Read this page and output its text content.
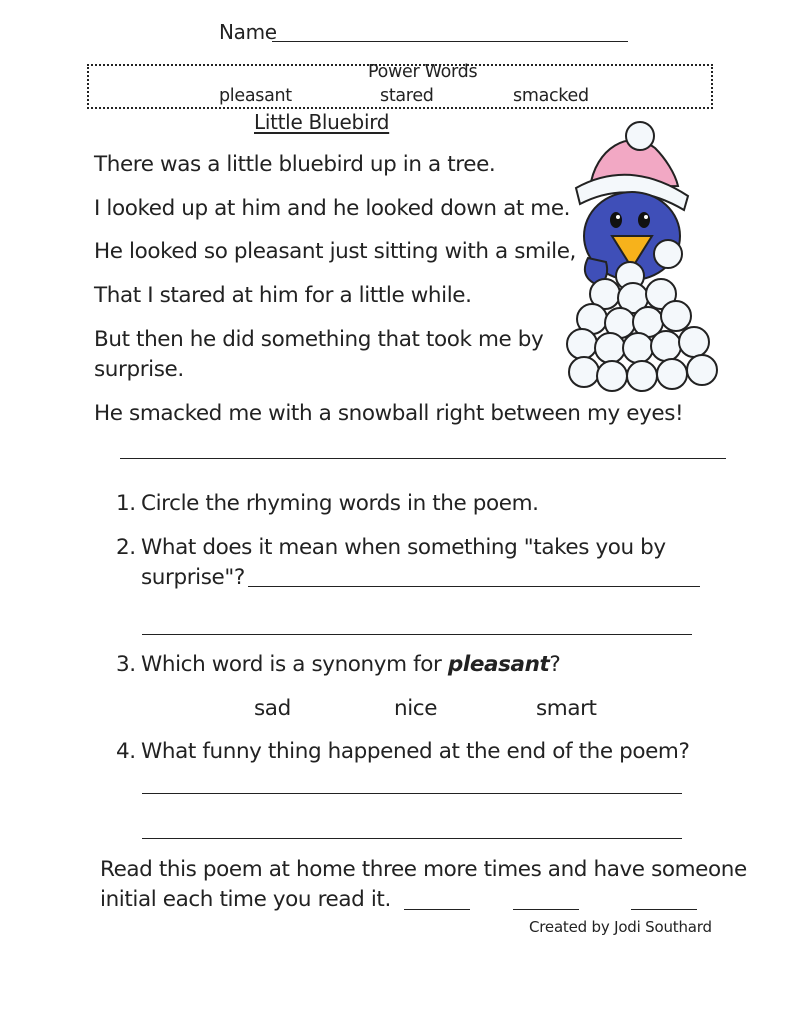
Name
Power Words
pleasant	stared	smacked
Little Bluebird
There was a little bluebird up in a tree.
I looked up at him and he looked down at me.
He looked so pleasant just sitting with a smile,
That I stared at him for a little while.
But then he did something that took me by
surprise.
He smacked me with a snowball right between my eyes!
1. Circle the rhyming words in the poem.
2. What does it mean when something "takes you by
surprise"?
3. Which word is a synonym for pleasant?
sad	nice	smart
4. What funny thing happened at the end of the poem?
Read this poem at home three more times and have someone
initial each time you read it.
Created by Jodi Southard
